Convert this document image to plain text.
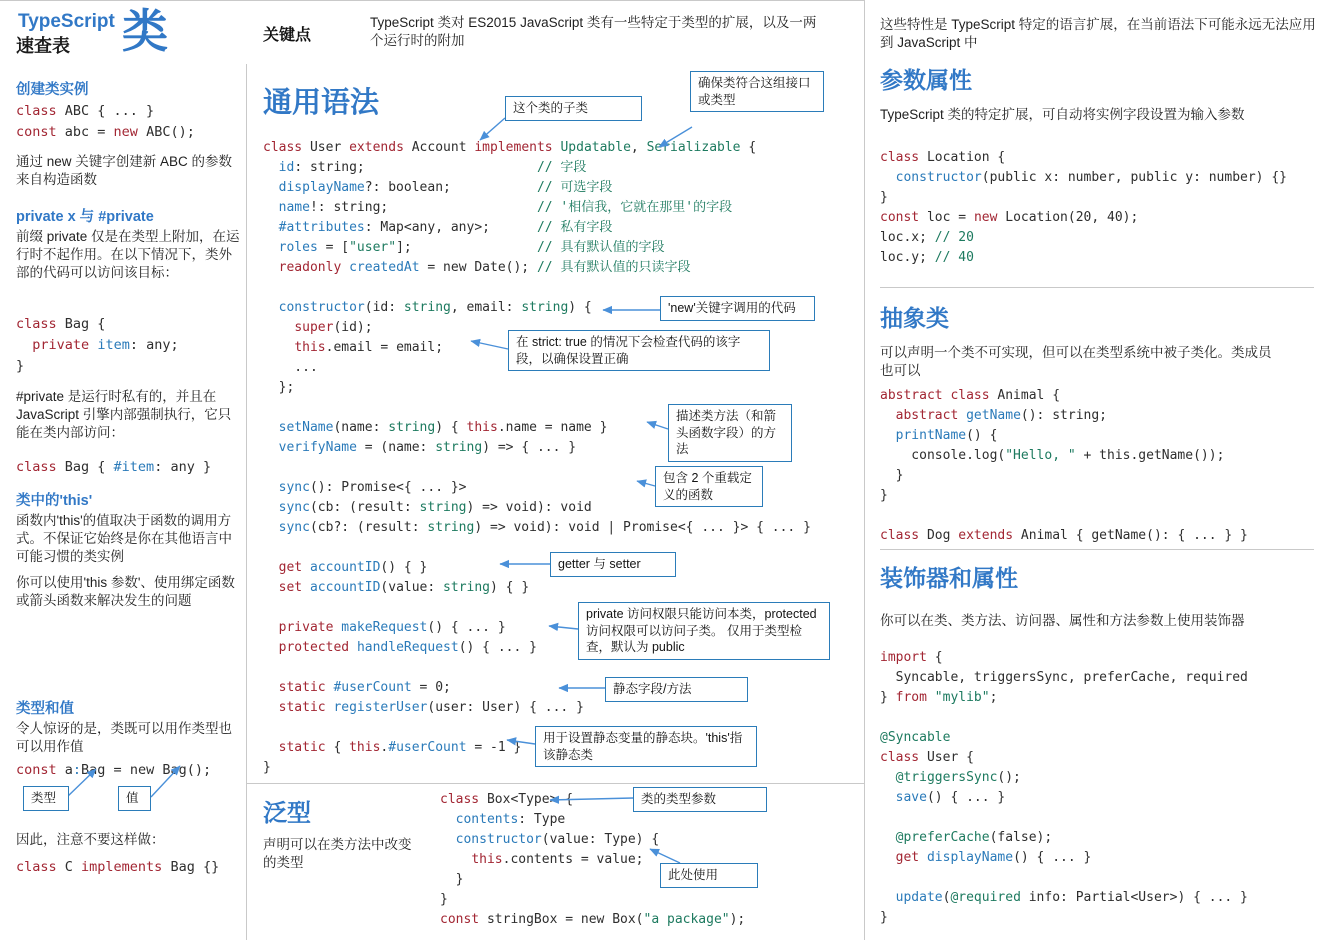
TypeScript
速查表 类	关键点
TypeScript 类对 ES2015 JavaScript 类有一些特定于类型的扩展，以及一两个运行时的附加
创建类实例
class ABC { ... }
const abc = new ABC();
通过 new 关键字创建新 ABC 的参数来自构造函数
private x 与 #private
前缀 private 仅是在类型上附加，在运行时不起作用。在以下情况下，类外部的代码可以访问该目标：
class Bag {
private item: any;
}
#private 是运行时私有的，并且在 JavaScript 引擎内部强制执行，它只能在类内部访问：
class Bag { #item: any }
类中的'this'
函数内'this'的值取决于函数的调用方式。不保证它始终是你在其他语言中可能习惯的类实例
你可以使用'this 参数'、使用绑定函数或箭头函数来解决发生的问题
类型和值
令人惊讶的是，类既可以用作类型也可以用作值
const a:Bag = new Bag();
类型	值
因此，注意不要这样做：
class C implements Bag {}
通用语法
class User extends Account implements Updatable, Serializable {
id: string;                      // 字段
displayName?: boolean;           // 可选字段
name!: string;                   // '相信我，它就在那里'的字段
#attributes: Map<any, any>;      // 私有字段
roles = ["user"];                // 具有默认值的字段
readonly createdAt = new Date(); // 具有默认值的只读字段

constructor(id: string, email: string) {
super(id);
this.email = email;
...
};

setName(name: string) { this.name = name }
verifyName = (name: string) => { ... }

sync(): Promise<{ ... }>
sync(cb: (result: string) => void): void
sync(cb?: (result: string) => void): void | Promise<{ ... }> { ... }

get accountID() { }
set accountID(value: string) { }

private makeRequest() { ... }
protected handleRequest() { ... }

static #userCount = 0;
static registerUser(user: User) { ... }

static { this.#userCount = -1 }
}
这个类的子类
确保类符合这组接口或类型
'new'关键字调用的代码
在 strict: true 的情况下会检查代码的该字段，以确保设置正确
描述类方法（和箭头函数字段）的方法
包含 2 个重载定义的函数
getter 与 setter
private 访问权限只能访问本类，protected 访问权限可以访问子类。 仅用于类型检查，默认为 public
静态字段/方法
用于设置静态变量的静态块。'this'指该静态类
泛型
声明可以在类方法中改变的类型
class Box<Type> {
contents: Type
constructor(value: Type) {
this.contents = value;
}
}
const stringBox = new Box("a package");
类的类型参数
此处使用
这些特性是 TypeScript 特定的语言扩展，在当前语法下可能永远无法应用到 JavaScript 中
参数属性
TypeScript 类的特定扩展，可自动将实例字段设置为输入参数
class Location {
constructor(public x: number, public y: number) {}
}
const loc = new Location(20, 40);
loc.x; // 20
loc.y; // 40
抽象类
可以声明一个类不可实现，但可以在类型系统中被子类化。类成员也可以
abstract class Animal {
abstract getName(): string;
printName() {
console.log("Hello, " + this.getName());
}
}

class Dog extends Animal { getName(): { ... } }
装饰器和属性
你可以在类、类方法、访问器、属性和方法参数上使用装饰器
import {
Syncable, triggersSync, preferCache, required
} from "mylib";

@Syncable
class User {
@triggersSync();
save() { ... }

@preferCache(false);
get displayName() { ... }

update(@required info: Partial<User>) { ... }
}
